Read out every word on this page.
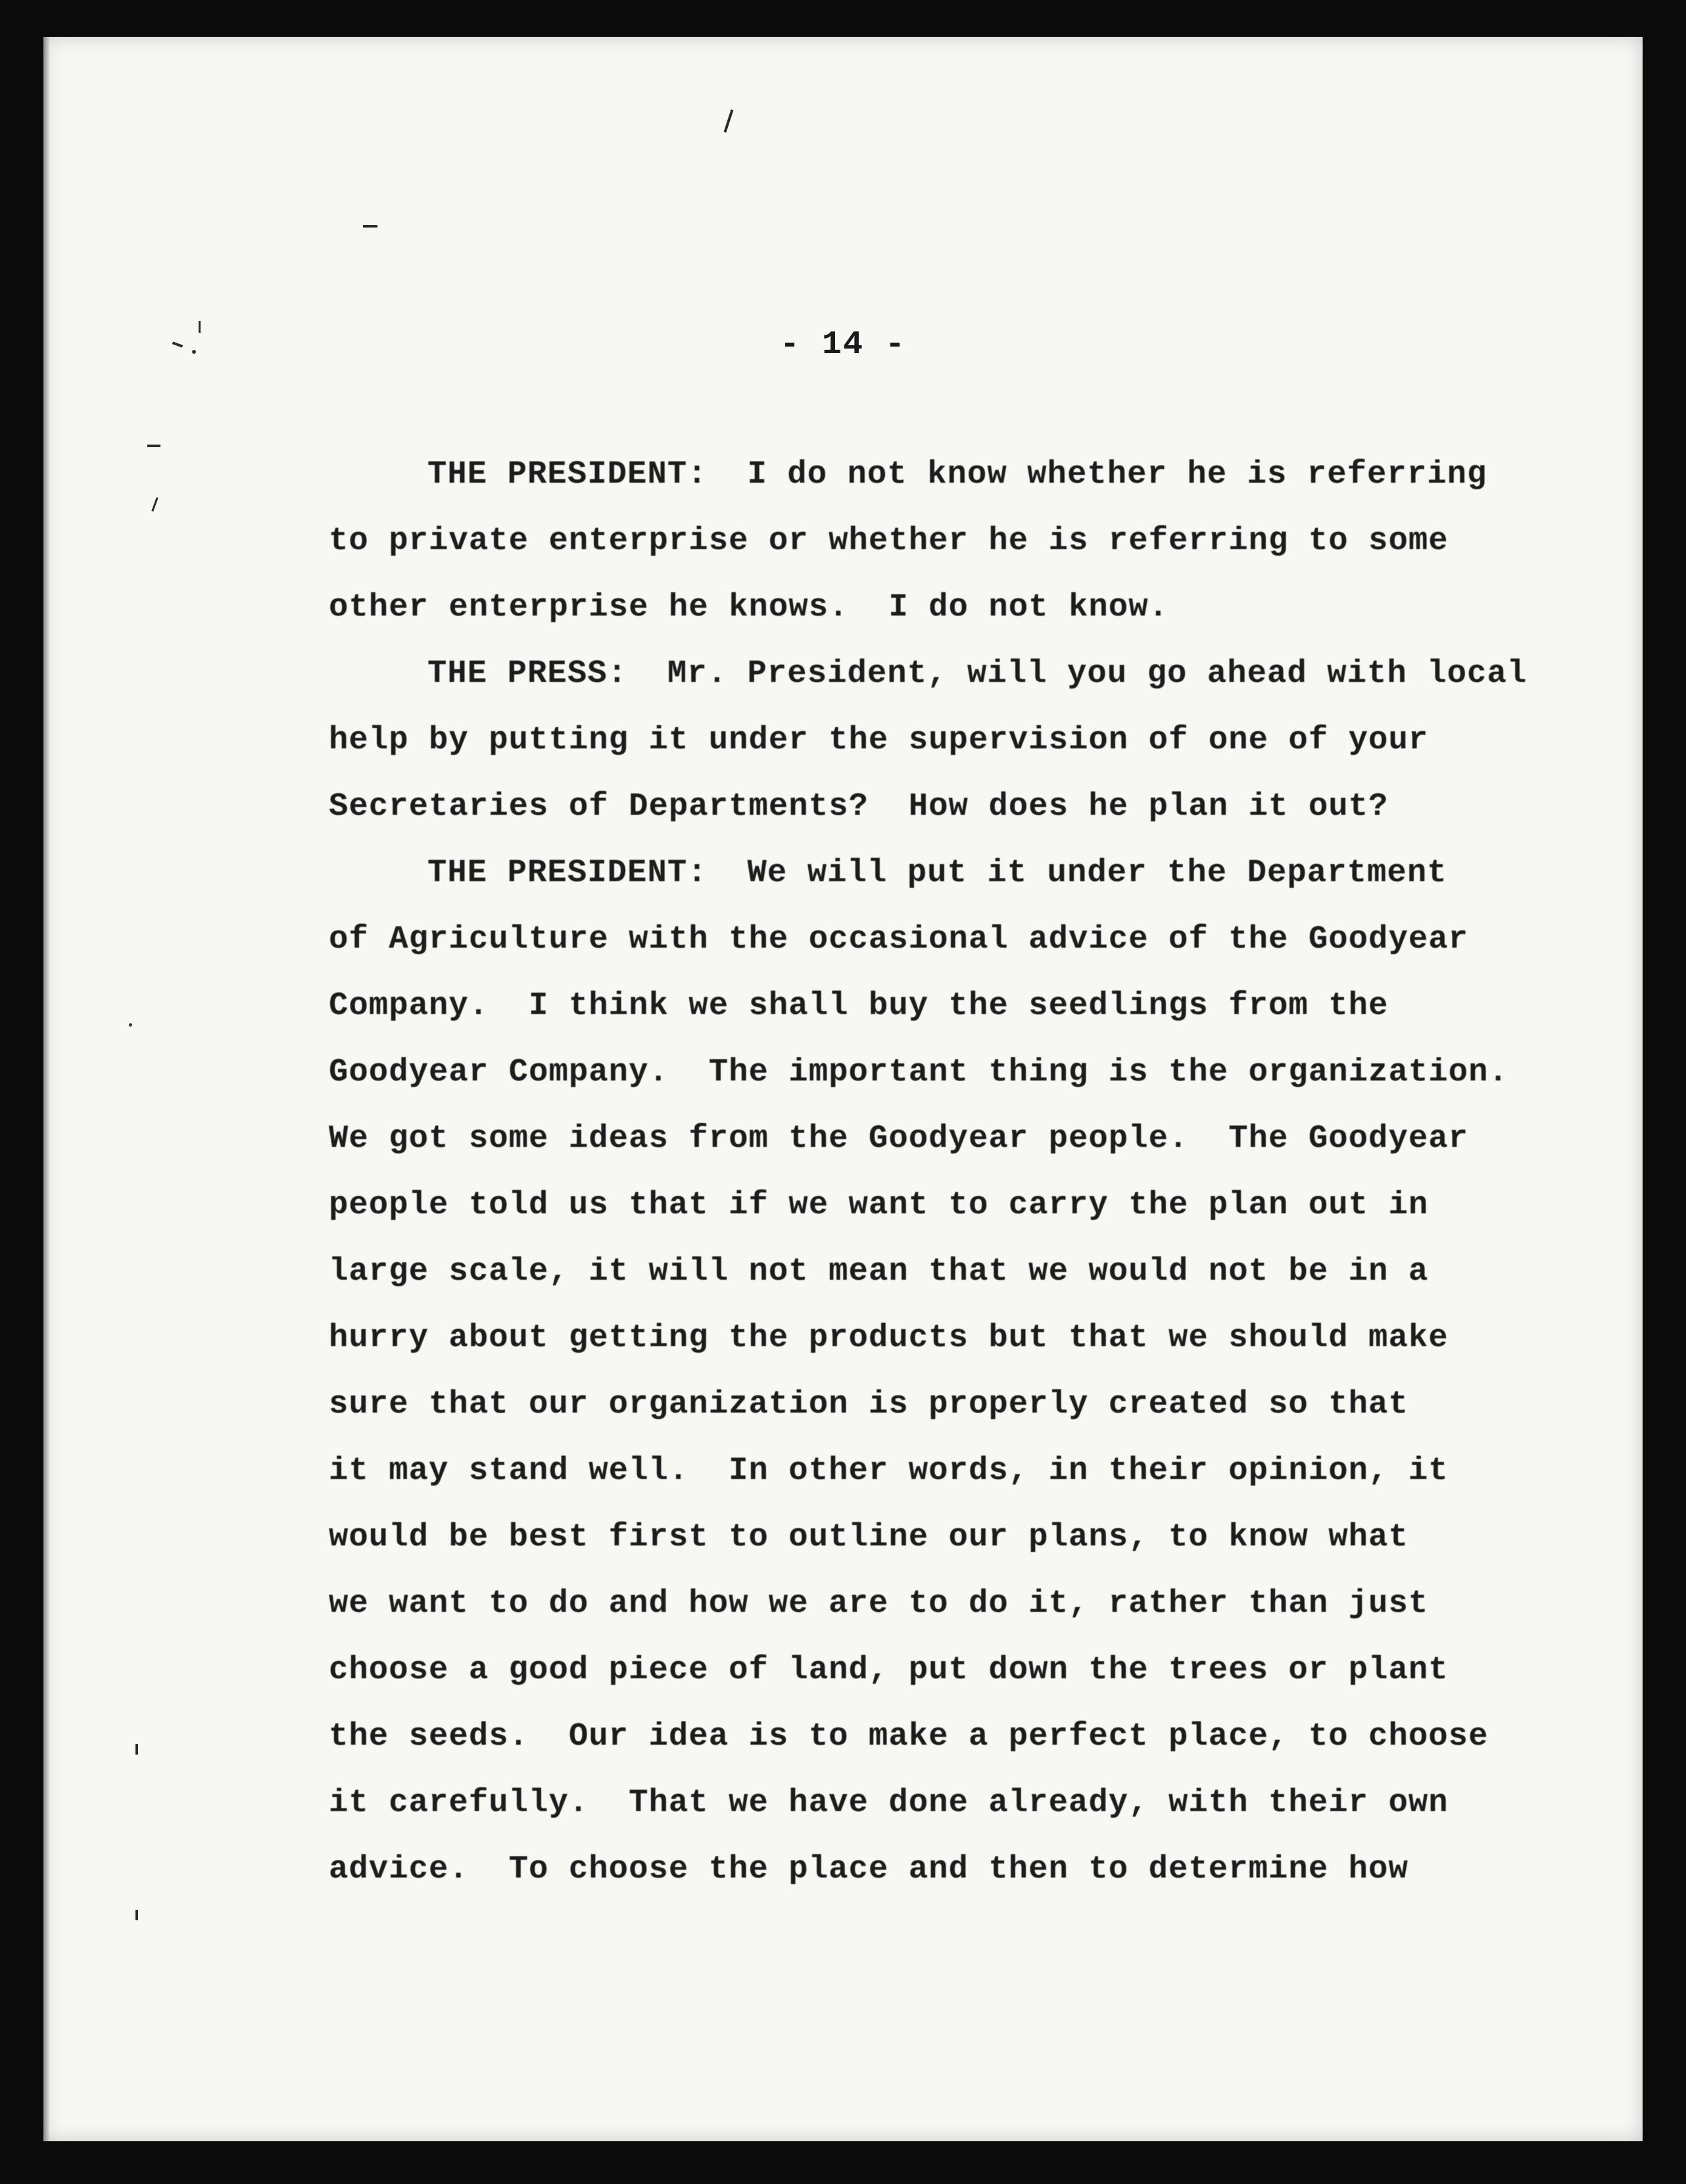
- 14 -
THE PRESIDENT:  I do not know whether he is referring
to private enterprise or whether he is referring to some
other enterprise he knows.  I do not know.
THE PRESS:  Mr. President, will you go ahead with local
help by putting it under the supervision of one of your
Secretaries of Departments?  How does he plan it out?
THE PRESIDENT:  We will put it under the Department
of Agriculture with the occasional advice of the Goodyear
Company.  I think we shall buy the seedlings from the
Goodyear Company.  The important thing is the organization.
We got some ideas from the Goodyear people.  The Goodyear
people told us that if we want to carry the plan out in
large scale, it will not mean that we would not be in a
hurry about getting the products but that we should make
sure that our organization is properly created so that
it may stand well.  In other words, in their opinion, it
would be best first to outline our plans, to know what
we want to do and how we are to do it, rather than just
choose a good piece of land, put down the trees or plant
the seeds.  Our idea is to make a perfect place, to choose
it carefully.  That we have done already, with their own
advice.  To choose the place and then to determine how
